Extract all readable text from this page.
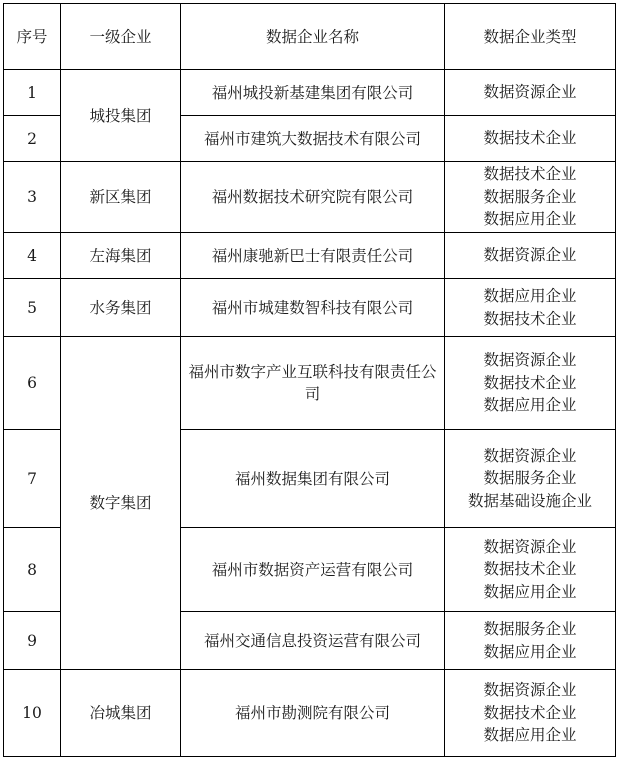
序号	一级企业	数据企业名称	数据企业类型
1	城投集团	福州城投新基建集团有限公司	数据资源企业

2		福州市建筑大数据技术有限公司	数据技术企业

3	新区集团	福州数据技术研究院有限公司	数据技术企业
数据服务企业
数据应用企业

4	左海集团	福州康驰新巴士有限责任公司	数据资源企业

5	水务集团	福州市城建数智科技有限公司	数据应用企业
数据技术企业

6	数字集团	福州市数字产业互联科技有限责任公司	数据资源企业
数据技术企业
数据应用企业

7		福州数据集团有限公司	数据资源企业
数据服务企业
数据基础设施企业

8		福州市数据资产运营有限公司	数据资源企业
数据技术企业
数据应用企业

9		福州交通信息投资运营有限公司	数据服务企业
数据应用企业

10	冶城集团	福州市勘测院有限公司	数据资源企业
数据技术企业
数据应用企业
